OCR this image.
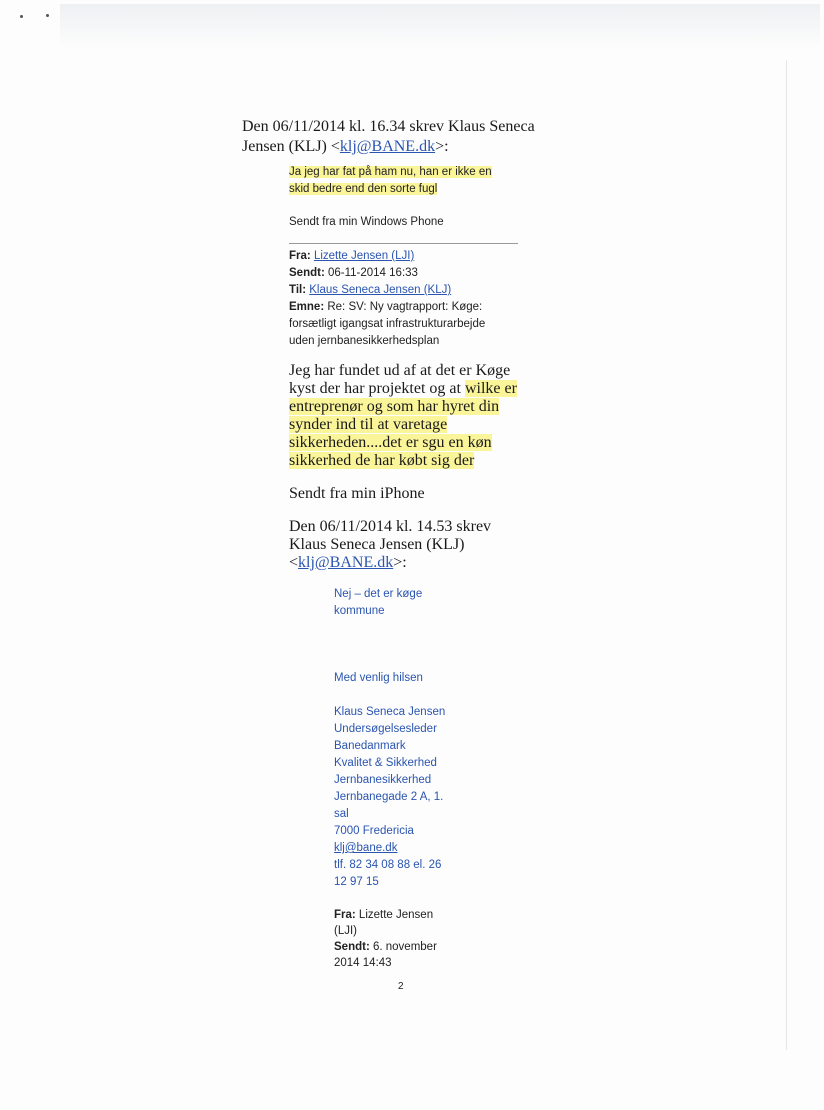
Den 06/11/2014 kl. 16.34 skrev Klaus Seneca
Jensen (KLJ) <klj@BANE.dk>:
Ja jeg har fat på ham nu, han er ikke en
skid bedre end den sorte fugl
Sendt fra min Windows Phone
Fra: Lizette Jensen (LJI)
Sendt: 06-11-2014 16:33
Til: Klaus Seneca Jensen (KLJ)
Emne: Re: SV: Ny vagtrapport: Køge:
forsætligt igangsat infrastrukturarbejde
uden jernbanesikkerhedsplan
Jeg har fundet ud af at det er Køge
kyst der har projektet og at wilke er
entreprenør og som har hyret din
synder ind til at varetage
sikkerheden....det er sgu en køn
sikkerhed de har købt sig der
Sendt fra min iPhone
Den 06/11/2014 kl. 14.53 skrev
Klaus Seneca Jensen (KLJ)
<klj@BANE.dk>:
Nej – det er køge
kommune
Med venlig hilsen
Klaus Seneca Jensen
Undersøgelsesleder
Banedanmark
Kvalitet & Sikkerhed
Jernbanesikkerhed
Jernbanegade 2 A, 1.
sal
7000 Fredericia
klj@bane.dk
tlf. 82 34 08 88 el. 26
12 97 15
Fra: Lizette Jensen
(LJI)
Sendt: 6. november
2014 14:43
2
